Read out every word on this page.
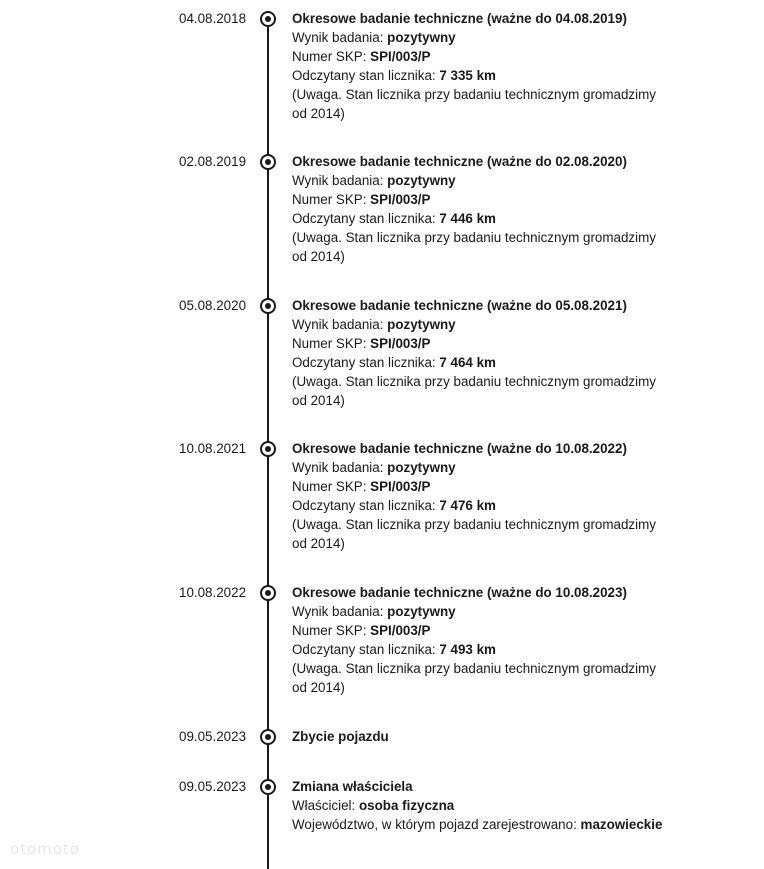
04.08.2018	Okresowe badanie techniczne (ważne do 04.08.2019)
Wynik badania: pozytywny
Numer SKP: SPI/003/P
Odczytany stan licznika: 7 335 km
(Uwaga. Stan licznika przy badaniu technicznym gromadzimy od 2014)
02.08.2019	Okresowe badanie techniczne (ważne do 02.08.2020)
Wynik badania: pozytywny
Numer SKP: SPI/003/P
Odczytany stan licznika: 7 446 km
(Uwaga. Stan licznika przy badaniu technicznym gromadzimy od 2014)
05.08.2020	Okresowe badanie techniczne (ważne do 05.08.2021)
Wynik badania: pozytywny
Numer SKP: SPI/003/P
Odczytany stan licznika: 7 464 km
(Uwaga. Stan licznika przy badaniu technicznym gromadzimy od 2014)
10.08.2021	Okresowe badanie techniczne (ważne do 10.08.2022)
Wynik badania: pozytywny
Numer SKP: SPI/003/P
Odczytany stan licznika: 7 476 km
(Uwaga. Stan licznika przy badaniu technicznym gromadzimy od 2014)
10.08.2022	Okresowe badanie techniczne (ważne do 10.08.2023)
Wynik badania: pozytywny
Numer SKP: SPI/003/P
Odczytany stan licznika: 7 493 km
(Uwaga. Stan licznika przy badaniu technicznym gromadzimy od 2014)
09.05.2023	Zbycie pojazdu
09.05.2023	Zmiana właściciela
Właściciel: osoba fizyczna
Województwo, w którym pojazd zarejestrowano: mazowieckie
otomoto
